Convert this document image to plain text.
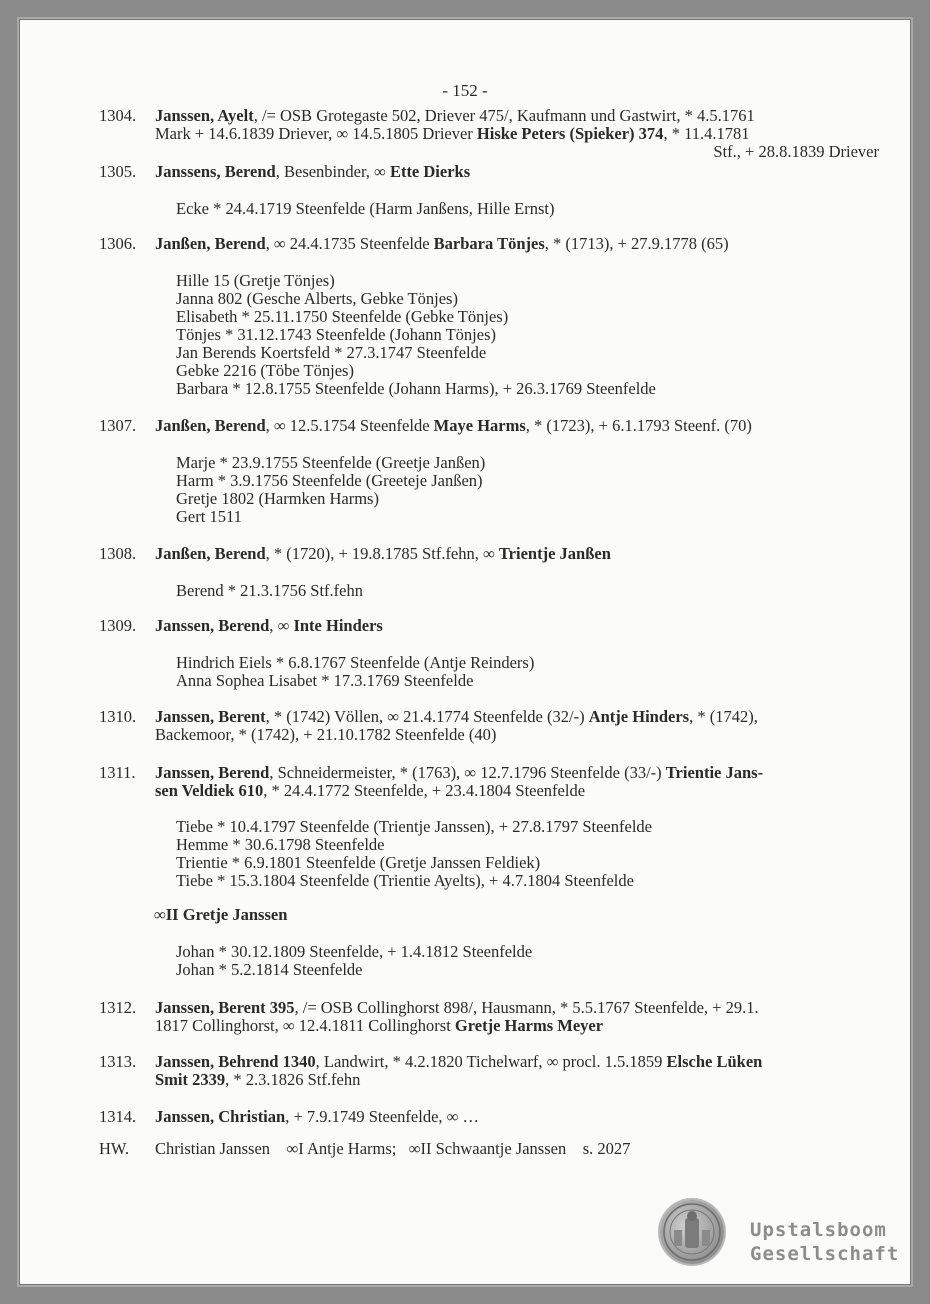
- 152 -
1304.	Janssen, Ayelt, /= OSB Grotegaste 502, Driever 475/, Kaufmann und Gastwirt, * 4.5.1761
Mark + 14.6.1839 Driever, ∞ 14.5.1805 Driever Hiske Peters (Spieker) 374, * 11.4.1781
Stf., + 28.8.1839 Driever
1305.	Janssens, Berend, Besenbinder, ∞ Ette Dierks
1306.	Janßen, Berend, ∞ 24.4.1735 Steenfelde Barbara Tönjes, * (1713), + 27.9.1778 (65)
1307.	Janßen, Berend, ∞ 12.5.1754 Steenfelde Maye Harms, * (1723), + 6.1.1793 Steenf. (70)
1308.	Janßen, Berend, * (1720), + 19.8.1785 Stf.fehn, ∞ Trientje Janßen
1309.	Janssen, Berend, ∞ Inte Hinders
1310.	Janssen, Berent, * (1742) Völlen, ∞ 21.4.1774 Steenfelde (32/-) Antje Hinders, * (1742),
Backemoor, * (1742), + 21.10.1782 Steenfelde (40)
1311.	Janssen, Berend, Schneidermeister, * (1763), ∞ 12.7.1796 Steenfelde (33/-) Trientie Jans-
sen Veldiek 610, * 24.4.1772 Steenfelde, + 23.4.1804 Steenfelde
1312.	Janssen, Berent 395, /= OSB Collinghorst 898/, Hausmann, * 5.5.1767 Steenfelde, + 29.1.
1817 Collinghorst, ∞ 12.4.1811 Collinghorst Gretje Harms Meyer
1313.	Janssen, Behrend 1340, Landwirt, * 4.2.1820 Tichelwarf, ∞ procl. 1.5.1859 Elsche Lüken
Smit 2339, * 2.3.1826 Stf.fehn
1314.	Janssen, Christian, + 7.9.1749 Steenfelde, ∞ …
Ecke * 24.4.1719 Steenfelde (Harm Janßens, Hille Ernst)
Hille 15 (Gretje Tönjes)
Janna 802 (Gesche Alberts, Gebke Tönjes)
Elisabeth * 25.11.1750 Steenfelde (Gebke Tönjes)
Tönjes * 31.12.1743 Steenfelde (Johann Tönjes)
Jan Berends Koertsfeld * 27.3.1747 Steenfelde
Gebke 2216 (Töbe Tönjes)
Barbara * 12.8.1755 Steenfelde (Johann Harms), + 26.3.1769 Steenfelde
Marje * 23.9.1755 Steenfelde (Greetje Janßen)
Harm * 3.9.1756 Steenfelde (Greeteje Janßen)
Gretje 1802 (Harmken Harms)
Gert 1511
Berend * 21.3.1756 Stf.fehn
Hindrich Eiels * 6.8.1767 Steenfelde (Antje Reinders)
Anna Sophea Lisabet * 17.3.1769 Steenfelde
Tiebe * 10.4.1797 Steenfelde (Trientje Janssen), + 27.8.1797 Steenfelde
Hemme * 30.6.1798 Steenfelde
Trientie * 6.9.1801 Steenfelde (Gretje Janssen Feldiek)
Tiebe * 15.3.1804 Steenfelde (Trientie Ayelts), + 4.7.1804 Steenfelde
Johan * 30.12.1809 Steenfelde, + 1.4.1812 Steenfelde
Johan * 5.2.1814 Steenfelde
∞II Gretje Janssen
HW. Christian Janssen    ∞I Antje Harms;   ∞II Schwaantje Janssen    s. 2027
Upstalsboom
Gesellschaft
